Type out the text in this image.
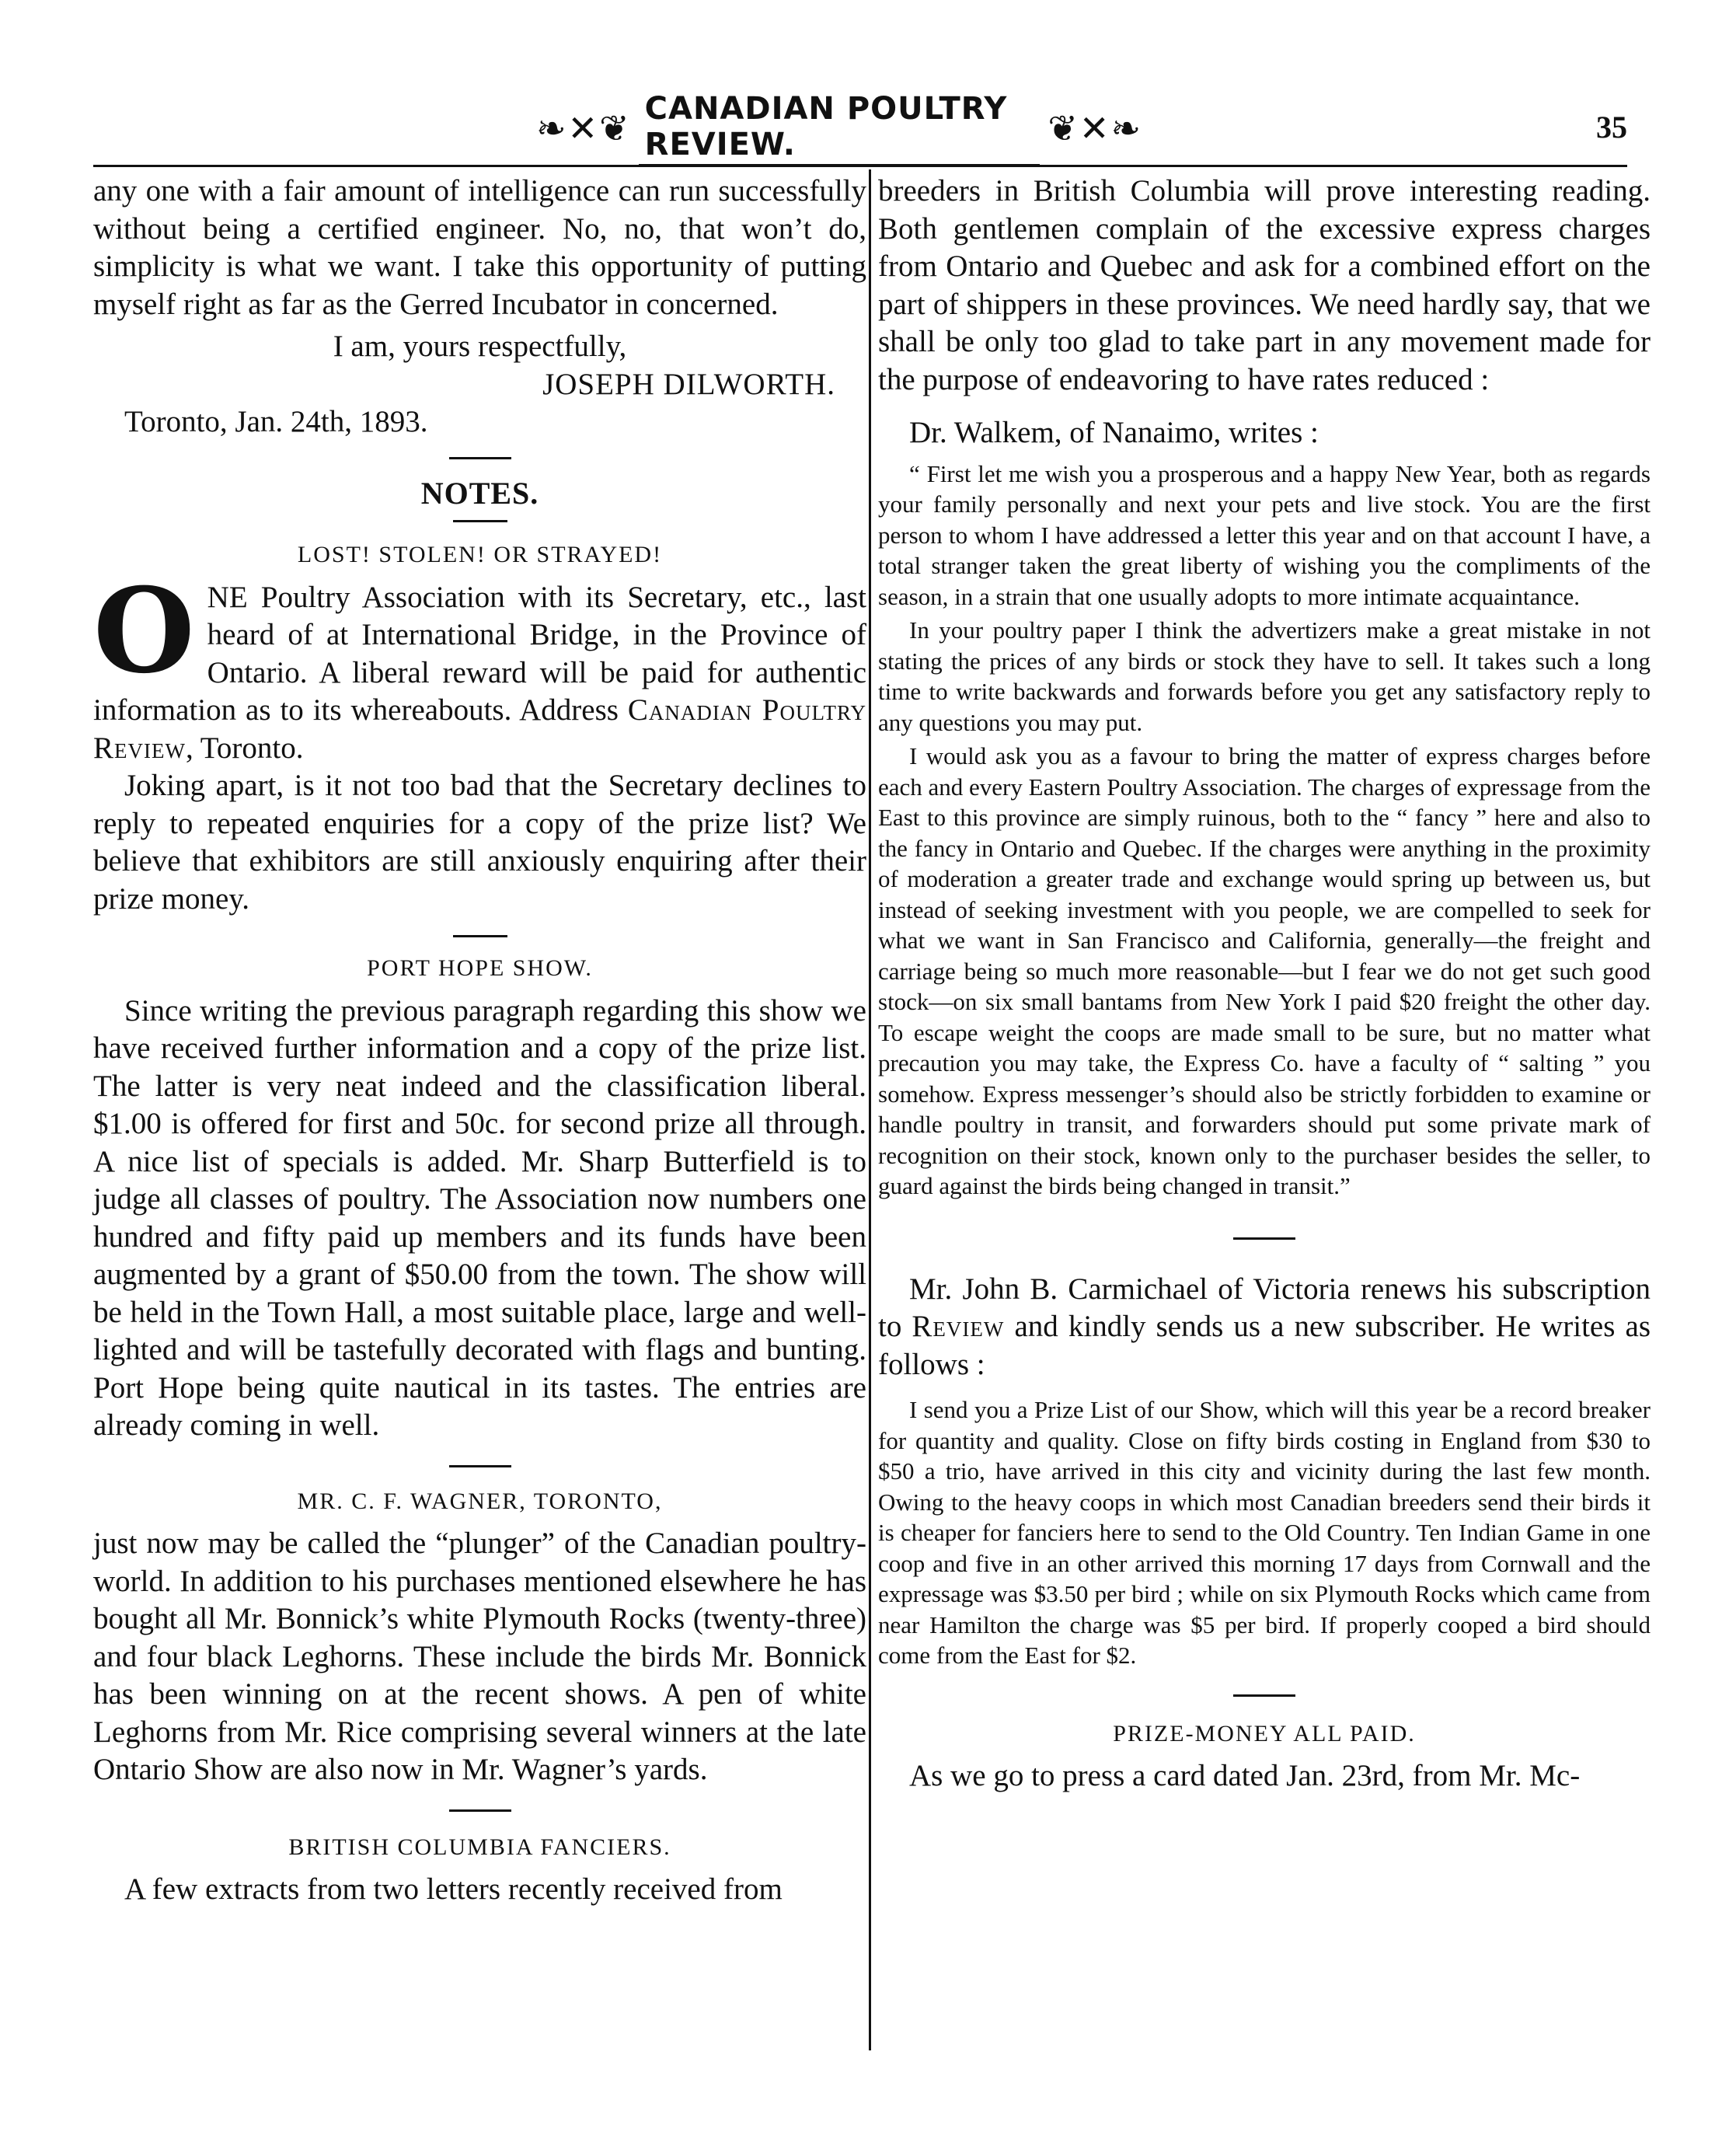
❧✕❦
CANADIAN POULTRY REVIEW.	❦✕❧	35

any one with a fair amount of intelligence can run successfully without being a certified engineer. No, no, that won’t do, simplicity is what we want. I take this opportunity of putting myself right as far as the Gerred Incubator in concerned.

I am, yours respectfully,

JOSEPH DILWORTH.

Toronto, Jan. 24th, 1893.

NOTES.

LOST! STOLEN! OR STRAYED!

O NE Poultry Association with its Secretary, etc., last heard of at International Bridge, in the Province of Ontario. A liberal reward will be paid for authentic information as to its whereabouts. Address Canadian Poultry Review, Toronto.

Joking apart, is it not too bad that the Secretary declines to reply to repeated enquiries for a copy of the prize list? We believe that exhibitors are still anxiously enquiring after their prize money.

PORT HOPE SHOW.

Since writing the previous paragraph regarding this show we have received further information and a copy of the prize list. The latter is very neat indeed and the classification liberal. $1.00 is offered for first and 50c. for second prize all through. A nice list of specials is added. Mr. Sharp Butterfield is to judge all classes of poultry. The Association now numbers one hundred and fifty paid up members and its funds have been augmented by a grant of $50.00 from the town. The show will be held in the Town Hall, a most suitable place, large and well-lighted and will be tastefully decorated with flags and bunting. Port Hope being quite nautical in its tastes. The entries are already coming in well.

MR. C. F. WAGNER, TORONTO,

just now may be called the “plunger” of the Canadian poultry-world. In addition to his purchases mentioned elsewhere he has bought all Mr. Bonnick’s white Plymouth Rocks (twenty-three) and four black Leghorns. These include the birds Mr. Bonnick has been winning on at the recent shows. A pen of white Leghorns from Mr. Rice comprising several winners at the late Ontario Show are also now in Mr. Wagner’s yards.

BRITISH COLUMBIA FANCIERS.

A few extracts from two letters recently received from

breeders in British Columbia will prove interesting reading. Both gentlemen complain of the excessive express charges from Ontario and Quebec and ask for a combined effort on the part of shippers in these provinces. We need hardly say, that we shall be only too glad to take part in any movement made for the purpose of endeavoring to have rates reduced :

Dr. Walkem, of Nanaimo, writes :

“ First let me wish you a prosperous and a happy New Year, both as regards your family personally and next your pets and live stock. You are the first person to whom I have addressed a letter this year and on that account I have, a total stranger taken the great liberty of wishing you the compliments of the season, in a strain that one usually adopts to more intimate acquaintance.

In your poultry paper I think the advertizers make a great mistake in not stating the prices of any birds or stock they have to sell. It takes such a long time to write backwards and forwards before you get any satisfactory reply to any questions you may put.

I would ask you as a favour to bring the matter of express charges before each and every Eastern Poultry Association. The charges of expressage from the East to this province are simply ruinous, both to the “ fancy ” here and also to the fancy in Ontario and Quebec. If the charges were anything in the proximity of moderation a greater trade and exchange would spring up between us, but instead of seeking investment with you people, we are compelled to seek for what we want in San Francisco and California, generally—the freight and carriage being so much more reasonable—but I fear we do not get such good stock—on six small bantams from New York I paid $20 freight the other day. To escape weight the coops are made small to be sure, but no matter what precaution you may take, the Express Co. have a faculty of “ salting ” you somehow. Express messenger’s should also be strictly forbidden to examine or handle poultry in transit, and forwarders should put some private mark of recognition on their stock, known only to the purchaser besides the seller, to guard against the birds being changed in transit.”

Mr. John B. Carmichael of Victoria renews his subscription to Review and kindly sends us a new subscriber. He writes as follows :

I send you a Prize List of our Show, which will this year be a record breaker for quantity and quality. Close on fifty birds costing in England from $30 to $50 a trio, have arrived in this city and vicinity during the last few month. Owing to the heavy coops in which most Canadian breeders send their birds it is cheaper for fanciers here to send to the Old Country. Ten Indian Game in one coop and five in an other arrived this morning 17 days from Cornwall and the expressage was $3.50 per bird ; while on six Plymouth Rocks which came from near Hamilton the charge was $5 per bird. If properly cooped a bird should come from the East for $2.

PRIZE-MONEY ALL PAID.

As we go to press a card dated Jan. 23rd, from Mr. Mc-
